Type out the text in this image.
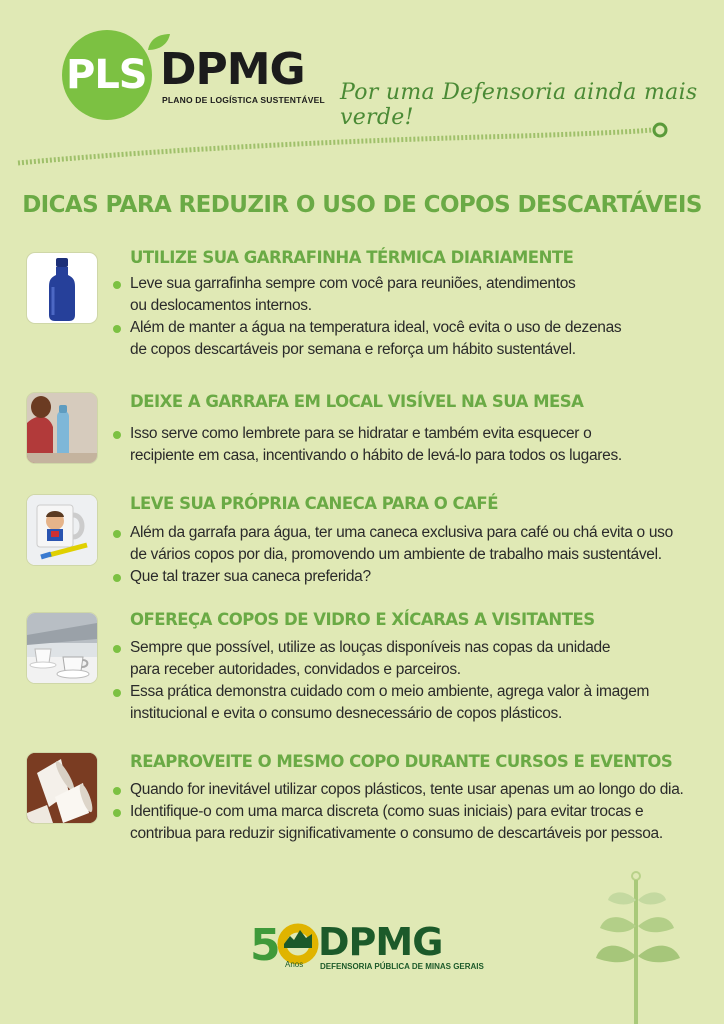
PLS DPMG
PLANO DE LOGÍSTICA SUSTENTÁVEL Por uma Defensoria ainda mais verde!
DICAS PARA REDUZIR O USO DE COPOS DESCARTÁVEIS
UTILIZE SUA GARRAFINHA TÉRMICA DIARIAMENTE
Leve sua garrafinha sempre com você para reuniões, atendimentos
ou deslocamentos internos.
Além de manter a água na temperatura ideal, você evita o uso de dezenas
de copos descartáveis por semana e reforça um hábito sustentável.
DEIXE A GARRAFA EM LOCAL VISÍVEL NA SUA MESA
Isso serve como lembrete para se hidratar e também evita esquecer o
recipiente em casa, incentivando o hábito de levá-lo para todos os lugares.
LEVE SUA PRÓPRIA CANECA PARA O CAFÉ
Além da garrafa para água, ter uma caneca exclusiva para café ou chá evita o uso
de vários copos por dia, promovendo um ambiente de trabalho mais sustentável.
Que tal trazer sua caneca preferida?
OFEREÇA COPOS DE VIDRO E XÍCARAS A VISITANTES
Sempre que possível, utilize as louças disponíveis nas copas da unidade
para receber autoridades, convidados e parceiros.
Essa prática demonstra cuidado com o meio ambiente, agrega valor à imagem
institucional e evita o consumo desnecessário de copos plásticos.
REAPROVEITE O MESMO COPO DURANTE CURSOS E EVENTOS
Quando for inevitável utilizar copos plásticos, tente usar apenas um ao longo do dia.
Identifique-o com uma marca discreta (como suas iniciais) para evitar trocas e
contribua para reduzir significativamente o consumo de descartáveis por pessoa.
5 Anos
DPMG
DEFENSORIA PÚBLICA DE MINAS GERAIS
